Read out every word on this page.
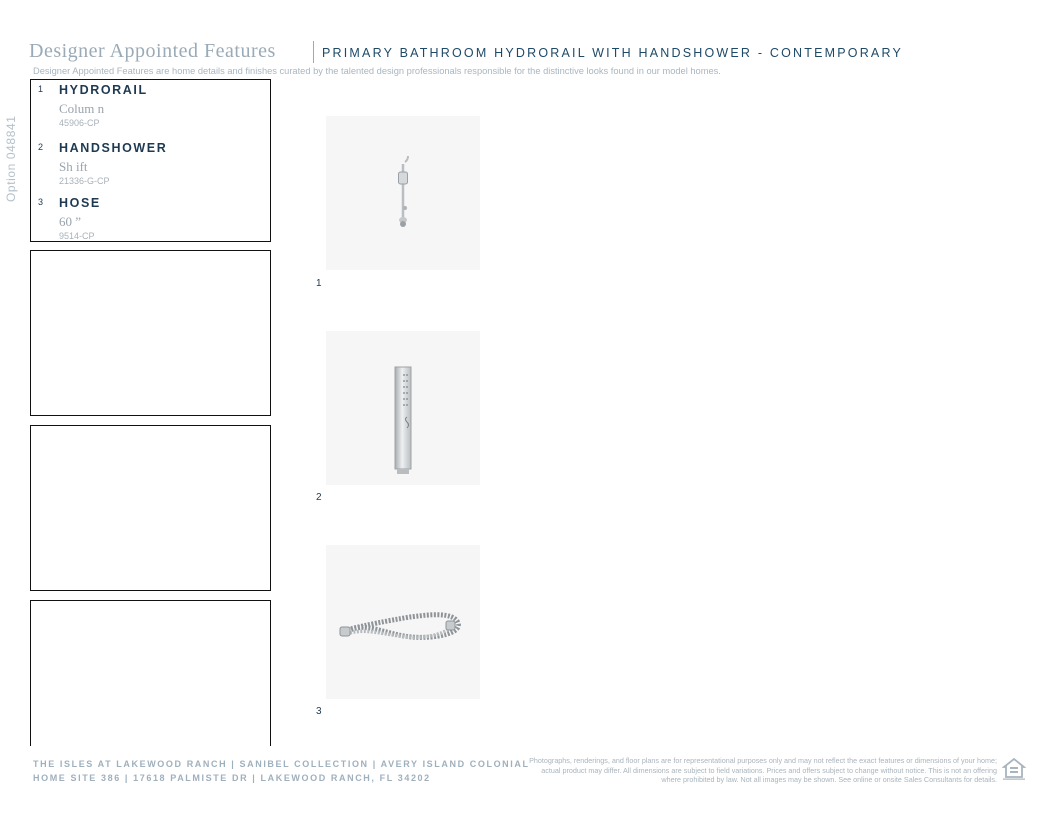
Designer Appointed Features	PRIMARY BATHROOM HYDRORAIL WITH HANDSHOWER - CONTEMPORARY
Designer Appointed Features are home details and finishes curated by the talented design professionals responsible for the distinctive looks found in our model homes.
Option 048841
1 HYDRORAIL
Colum n
45906-CP
2 HANDSHOWER
Sh ift
21336-G-CP
3 HOSE
60 ”
9514-CP
1
2
3
THE ISLES AT LAKEWOOD RANCH | SANIBEL COLLECTION | AVERY ISLAND COLONIAL
HOME SITE 386 | 17618 PALMISTE DR | LAKEWOOD RANCH, FL 34202
Photographs, renderings, and floor plans are for representational purposes only and may not reflect the exact features or dimensions of your home; actual product may differ. All dimensions are subject to field variations. Prices and offers subject to change without notice. This is not an offering where prohibited by law. Not all images may be shown. See online or onsite Sales Consultants for details.
